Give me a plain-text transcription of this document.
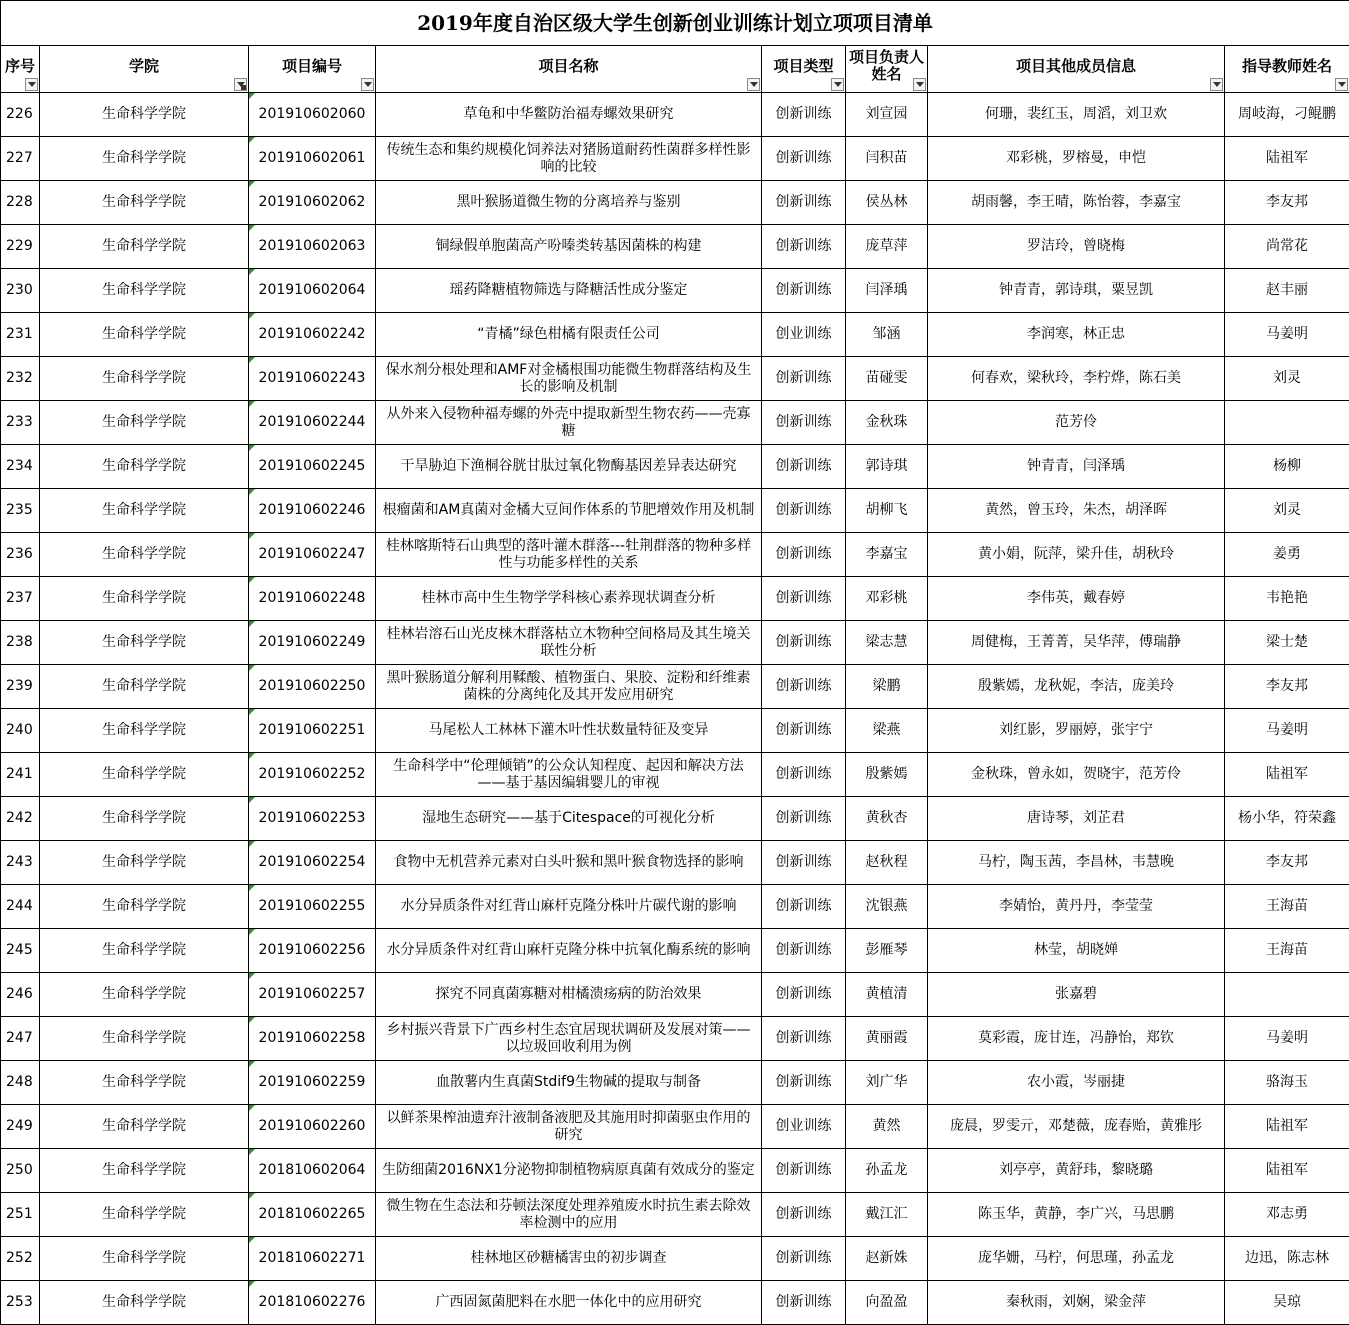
2019年度自治区级大学生创新创业训练计划立项项目清单							

序号	学院	项目编号	项目名称	项目类型	项目负责人姓名	项目其他成员信息	指导教师姓名

226	生命科学学院	201910602060	草龟和中华鳖防治福寿螺效果研究	创新训练	刘宣园	何珊，裴红玉，周滔，刘卫欢	周岐海，刁鲲鹏
227	生命科学学院	201910602061	传统生态和集约规模化饲养法对猪肠道耐药性菌群多样性影响的比较	创新训练	闫积苗	邓彩桃，罗榕曼，申恺	陆祖军
228	生命科学学院	201910602062	黑叶猴肠道微生物的分离培养与鉴别	创新训练	侯丛林	胡雨馨，李王晴，陈怡蓉，李嘉宝	李友邦
229	生命科学学院	201910602063	铜绿假单胞菌高产吩嗪类转基因菌株的构建	创新训练	庞草萍	罗洁玲，曾晓梅	尚常花
230	生命科学学院	201910602064	瑶药降糖植物筛选与降糖活性成分鉴定	创新训练	闫泽瑀	钟青青，郭诗琪，粟昱凯	赵丰丽
231	生命科学学院	201910602242	“青橘”绿色柑橘有限责任公司	创业训练	邹涵	李润寒，林正忠	马姜明
232	生命科学学院	201910602243	保水剂分根处理和AMF对金橘根围功能微生物群落结构及生长的影响及机制	创新训练	苗碰雯	何春欢，梁秋玲，李柠烨，陈石美	刘灵
233	生命科学学院	201910602244	从外来入侵物种福寿螺的外壳中提取新型生物农药——壳寡糖	创新训练	金秋珠	范芳伶	
234	生命科学学院	201910602245	干旱胁迫下渔桐谷胱甘肽过氧化物酶基因差异表达研究	创新训练	郭诗琪	钟青青，闫泽瑀	杨柳
235	生命科学学院	201910602246	根瘤菌和AM真菌对金橘大豆间作体系的节肥增效作用及机制	创新训练	胡柳飞	黄然，曾玉玲，朱杰，胡泽晖	刘灵
236	生命科学学院	201910602247	桂林喀斯特石山典型的落叶灌木群落---牡荆群落的物种多样性与功能多样性的关系	创新训练	李嘉宝	黄小娟，阮萍，梁升佳，胡秋玲	姜勇
237	生命科学学院	201910602248	桂林市高中生生物学学科核心素养现状调查分析	创新训练	邓彩桃	李伟英，戴春婷	韦艳艳
238	生命科学学院	201910602249	桂林岩溶石山光皮梾木群落枯立木物种空间格局及其生境关联性分析	创新训练	梁志慧	周健梅，王菁菁，吴华萍，傅瑞静	梁士楚
239	生命科学学院	201910602250	黑叶猴肠道分解利用鞣酸、植物蛋白、果胶、淀粉和纤维素菌株的分离纯化及其开发应用研究	创新训练	梁鹏	殷紫嫣，龙秋妮，李洁，庞美玲	李友邦
240	生命科学学院	201910602251	马尾松人工林林下灌木叶性状数量特征及变异	创新训练	梁燕	刘红影，罗丽婷，张宇宁	马姜明
241	生命科学学院	201910602252	生命科学中“伦理倾销”的公众认知程度、起因和解决方法——基于基因编辑婴儿的审视	创新训练	殷紫嫣	金秋珠，曾永如，贺晓宇，范芳伶	陆祖军
242	生命科学学院	201910602253	湿地生态研究——基于Citespace的可视化分析	创新训练	黄秋杏	唐诗琴，刘芷君	杨小华，符荣鑫
243	生命科学学院	201910602254	食物中无机营养元素对白头叶猴和黑叶猴食物选择的影响	创新训练	赵秋程	马柠，陶玉茜，李昌林，韦慧晚	李友邦
244	生命科学学院	201910602255	水分异质条件对红背山麻杆克隆分株叶片碳代谢的影响	创新训练	沈银燕	李婧怡，黄丹丹，李莹莹	王海苗
245	生命科学学院	201910602256	水分异质条件对红背山麻杆克隆分株中抗氧化酶系统的影响	创新训练	彭雁琴	林莹，胡晓婵	王海苗
246	生命科学学院	201910602257	探究不同真菌寡糖对柑橘溃疡病的防治效果	创新训练	黄植清	张嘉碧	
247	生命科学学院	201910602258	乡村振兴背景下广西乡村生态宜居现状调研及发展对策——以垃圾回收利用为例	创新训练	黄丽霞	莫彩霞，庞甘连，冯静怡，郑钦	马姜明
248	生命科学学院	201910602259	血散薯内生真菌Stdif9生物碱的提取与制备	创新训练	刘广华	农小霞，岑丽捷	骆海玉
249	生命科学学院	201910602260	以鲜茶果榨油遗弃汁液制备液肥及其施用时抑菌驱虫作用的研究	创业训练	黄然	庞晨，罗雯亓，邓楚薇，庞春贻，黄雅彤	陆祖军
250	生命科学学院	201810602064	生防细菌2016NX1分泌物抑制植物病原真菌有效成分的鉴定	创新训练	孙孟龙	刘亭亭，黄舒玮，黎晓璐	陆祖军
251	生命科学学院	201810602265	微生物在生态法和芬顿法深度处理养殖废水时抗生素去除效率检测中的应用	创新训练	戴江汇	陈玉华，黄静，李广兴，马思鹏	邓志勇
252	生命科学学院	201810602271	桂林地区砂糖橘害虫的初步调查	创新训练	赵新姝	庞华姗，马柠，何思瑾，孙孟龙	边迅，陈志林
253	生命科学学院	201810602276	广西固氮菌肥料在水肥一体化中的应用研究	创新训练	向盈盈	秦秋雨，刘娴，梁金萍	吴琼
